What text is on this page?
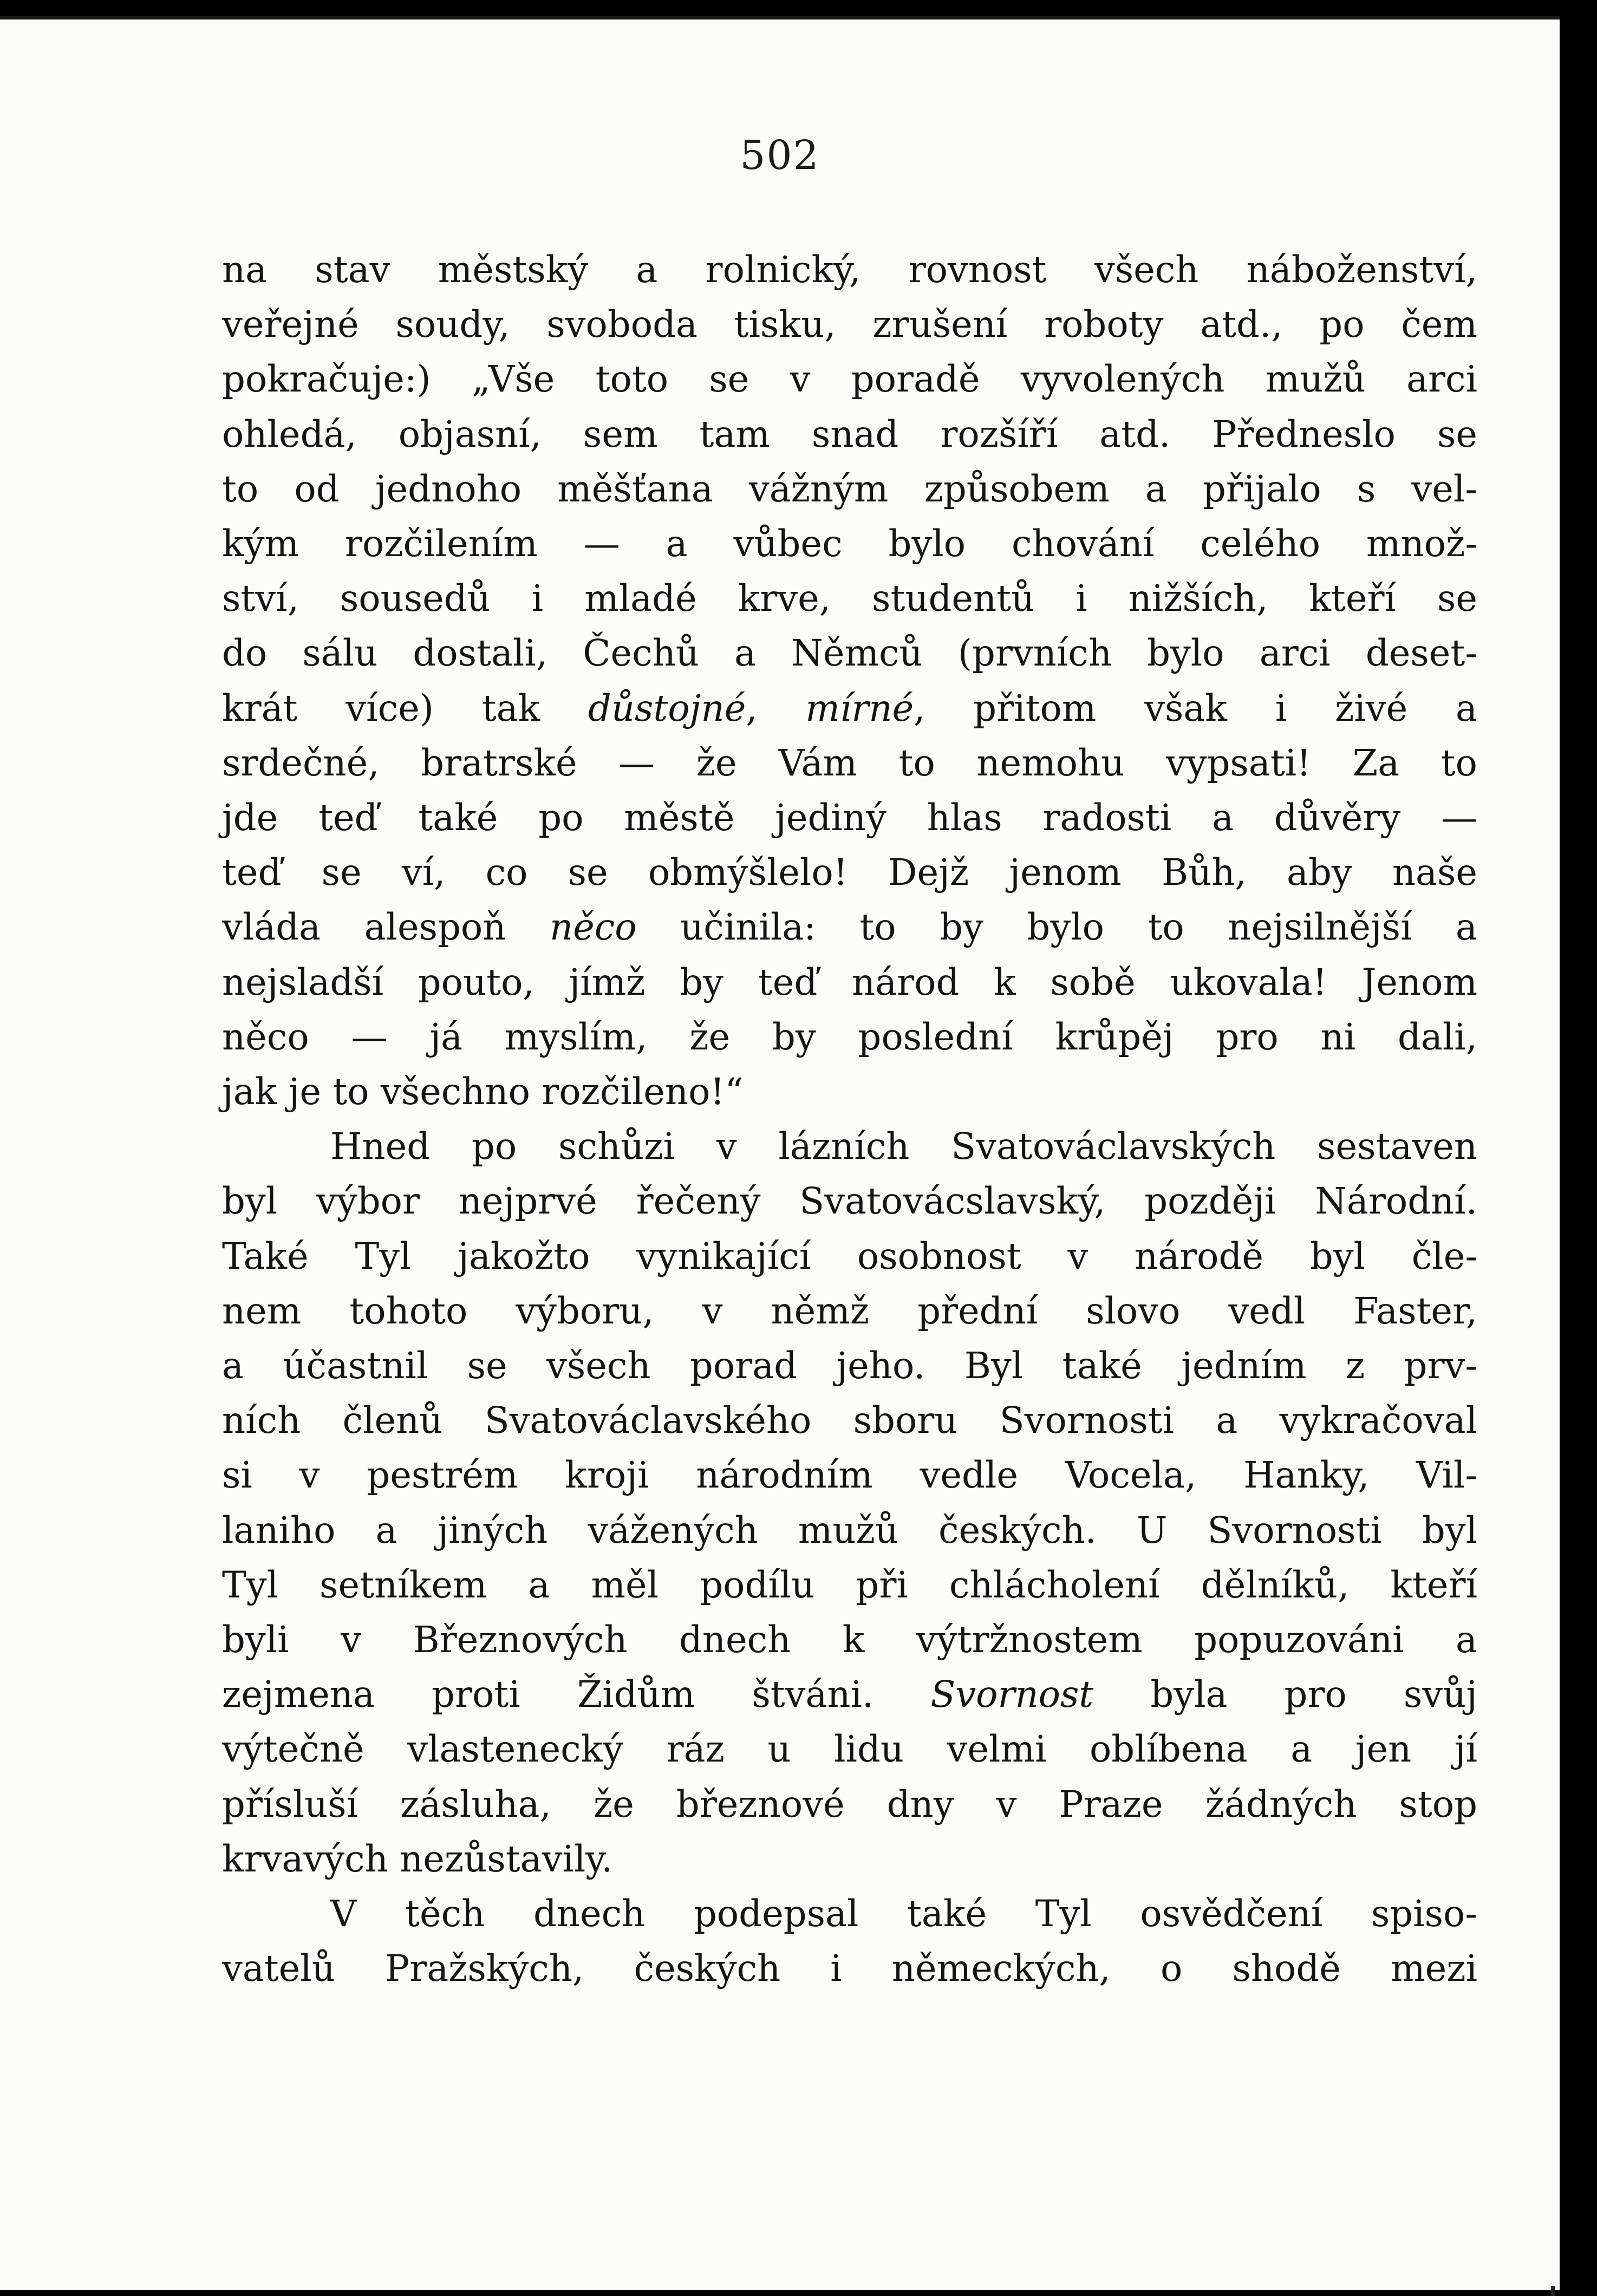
502
na stav městský a rolnický, rovnost všech náboženství,
veřejné soudy, svoboda tisku, zrušení roboty atd., po čem
pokračuje:) „Vše toto se v poradě vyvolených mužů arci
ohledá, objasní, sem tam snad rozšíří atd. Předneslo se
to od jednoho měšťana vážným způsobem a přijalo s vel-
kým rozčilením — a vůbec bylo chování celého množ-
ství, sousedů i mladé krve, studentů i nižších, kteří se
do sálu dostali, Čechů a Němců (prvních bylo arci deset-
krát více) tak důstojné, mírné, přitom však i živé a
srdečné, bratrské — že Vám to nemohu vypsati! Za to
jde teď také po městě jediný hlas radosti a důvěry —
teď se ví, co se obmýšlelo! Dejž jenom Bůh, aby naše
vláda alespoň něco učinila: to by bylo to nejsilnější a
nejsladší pouto, jímž by teď národ k sobě ukovala! Jenom
něco — já myslím, že by poslední krůpěj pro ni dali,
jak je to všechno rozčileno!“
Hned po schůzi v lázních Svatováclavských sestaven
byl výbor nejprvé řečený Svatovácslavský, později Národní.
Také Tyl jakožto vynikající osobnost v národě byl čle-
nem tohoto výboru, v němž přední slovo vedl Faster,
a účastnil se všech porad jeho. Byl také jedním z prv-
ních členů Svatováclavského sboru Svornosti a vykračoval
si v pestrém kroji národním vedle Vocela, Hanky, Vil-
laniho a jiných vážených mužů českých. U Svornosti byl
Tyl setníkem a měl podílu při chlácholení dělníků, kteří
byli v Březnových dnech k výtržnostem popuzováni a
zejmena proti Židům štváni. Svornost byla pro svůj
výtečně vlastenecký ráz u lidu velmi oblíbena a jen jí
přísluší zásluha, že březnové dny v Praze žádných stop
krvavých nezůstavily.
V těch dnech podepsal také Tyl osvědčení spiso-
vatelů Pražských, českých i německých, o shodě mezi
